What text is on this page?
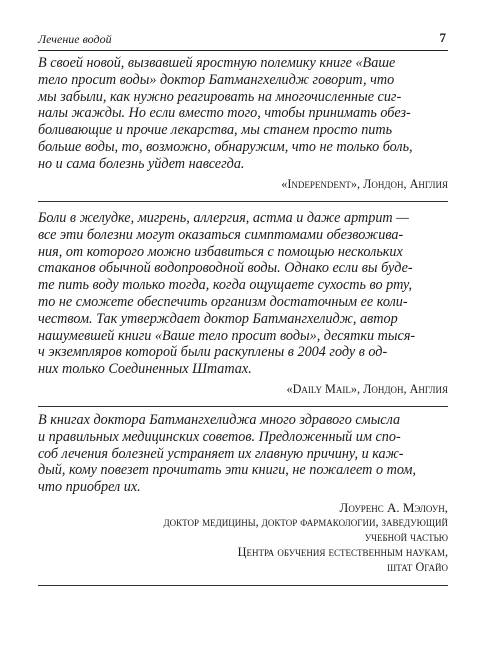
Лечение водой	7

В своей новой, вызвавшей яростную полемику книге «Ваше
тело просит воды» доктор Батмангхелидж говорит, что
мы забыли, как нужно реагировать на многочисленные сиг-
налы жажды. Но если вместо того, чтобы принимать обез-
боливающие и прочие лекарства, мы станем просто пить
больше воды, то, возможно, обнаружим, что не только боль,
но и сама болезнь уйдет навсегда.

«Independent», Лондон, Англия

Боли в желудке, мигрень, аллергия, астма и даже артрит —
все эти болезни могут оказаться симптомами обезвожива-
ния, от которого можно избавиться с помощью нескольких
стаканов обычной водопроводной воды. Однако если вы буде-
те пить воду только тогда, когда ощущаете сухость во рту,
то не сможете обеспечить организм достаточным ее коли-
чеством. Так утверждает доктор Батмангхелидж, автор
нашумевшей книги «Ваше тело просит воды», десятки тыся-
ч экземпляров которой были раскуплены в 2004 году в од-
них только Соединенных Штатах.

«Daily Mail», Лондон, Англия

В книгах доктора Батмангхелиджа много здравого смысла
и правильных медицинских советов. Предложенный им спо-
соб лечения болезней устраняет их главную причину, и каж-
дый, кому повезет прочитать эти книги, не пожалеет о том,
что приобрел их.

Лоуренс А. Мэлоун,
доктор медицины, доктор фармакологии, заведующий
учебной частью
Центра обучения естественным наукам,
штат Огайо
